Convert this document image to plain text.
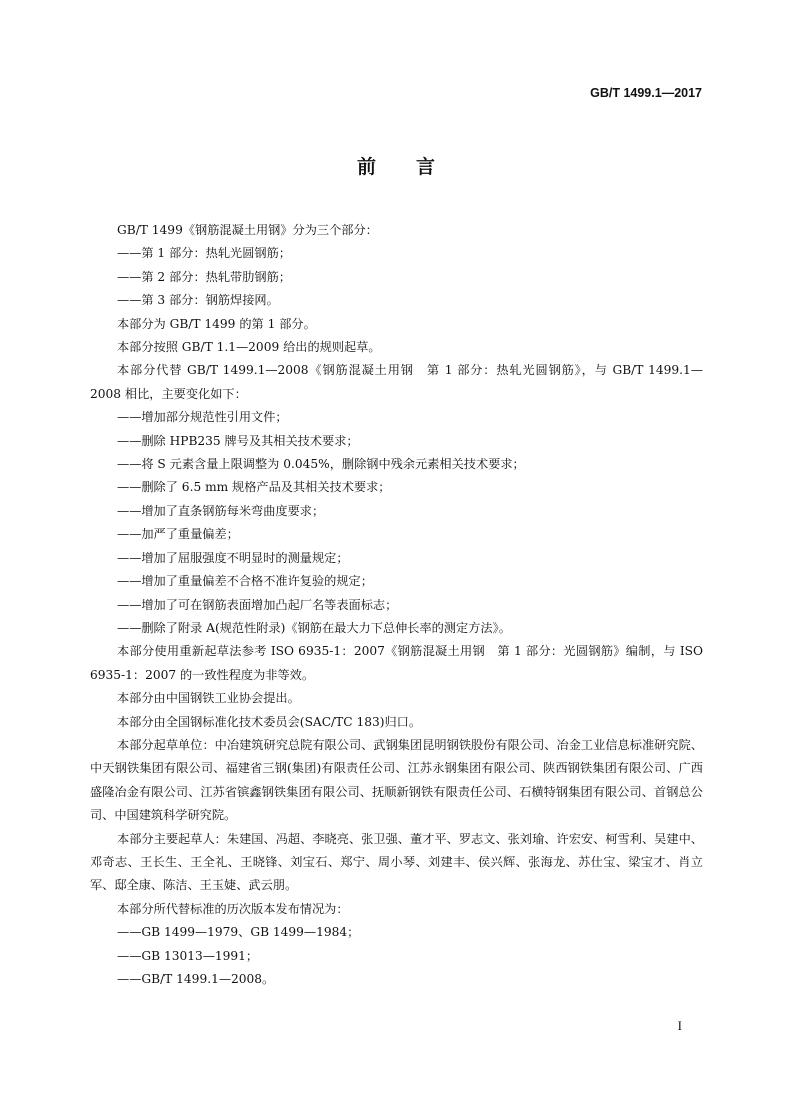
GB/T 1499.1—2017
前言

GB/T 1499《钢筋混凝土用钢》分为三个部分：

——第 1 部分：热轧光圆钢筋；

——第 2 部分：热轧带肋钢筋；

——第 3 部分：钢筋焊接网。

本部分为 GB/T 1499 的第 1 部分。

本部分按照 GB/T 1.1—2009 给出的规则起草。

本部分代替 GB/T 1499.1—2008《钢筋混凝土用钢　第 1 部分：热轧光圆钢筋》，与 GB/T 1499.1—2008 相比，主要变化如下：

——增加部分规范性引用文件；

——删除 HPB235 牌号及其相关技术要求；

——将 S 元素含量上限调整为 0.045%，删除钢中残余元素相关技术要求；

——删除了 6.5 mm 规格产品及其相关技术要求；

——增加了直条钢筋每米弯曲度要求；

——加严了重量偏差；

——增加了屈服强度不明显时的测量规定；

——增加了重量偏差不合格不准许复验的规定；

——增加了可在钢筋表面增加凸起厂名等表面标志；

——删除了附录 A(规范性附录)《钢筋在最大力下总伸长率的测定方法》。

本部分使用重新起草法参考 ISO 6935-1：2007《钢筋混凝土用钢　第 1 部分：光圆钢筋》编制，与 ISO 6935-1：2007 的一致性程度为非等效。

本部分由中国钢铁工业协会提出。

本部分由全国钢标准化技术委员会(SAC/TC 183)归口。

本部分起草单位：中冶建筑研究总院有限公司、武钢集团昆明钢铁股份有限公司、冶金工业信息标准研究院、中天钢铁集团有限公司、福建省三钢(集团)有限责任公司、江苏永钢集团有限公司、陕西钢铁集团有限公司、广西盛隆冶金有限公司、江苏省镔鑫钢铁集团有限公司、抚顺新钢铁有限责任公司、石横特钢集团有限公司、首钢总公司、中国建筑科学研究院。

本部分主要起草人：朱建国、冯超、李晓亮、张卫强、董才平、罗志文、张刘瑜、许宏安、柯雪利、吴建中、邓奇志、王长生、王全礼、王晓锋、刘宝石、郑宁、周小琴、刘建丰、侯兴辉、张海龙、苏仕宝、梁宝才、肖立军、邸全康、陈洁、王玉婕、武云朋。

本部分所代替标准的历次版本发布情况为：

——GB 1499—1979、GB 1499—1984；

——GB 13013—1991；

——GB/T 1499.1—2008。

I
